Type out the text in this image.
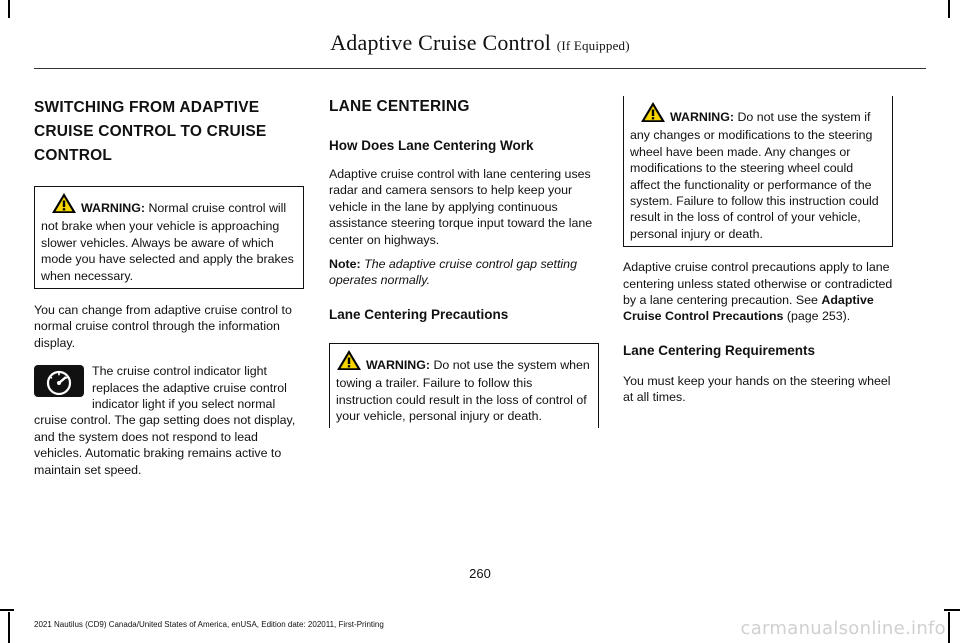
Adaptive Cruise Control (If Equipped)
SWITCHING FROM ADAPTIVE CRUISE CONTROL TO CRUISE CONTROL

WARNING: Normal cruise control will not brake when your vehicle is approaching slower vehicles. Always be aware of which mode you have selected and apply the brakes when necessary.

You can change from adaptive cruise control to normal cruise control through the information display.

The cruise control indicator light replaces the adaptive cruise control indicator light if you select normal cruise control. The gap setting does not display, and the system does not respond to lead vehicles. Automatic braking remains active to maintain set speed.

LANE CENTERING
How Does Lane Centering Work

Adaptive cruise control with lane centering uses radar and camera sensors to help keep your vehicle in the lane by applying continuous assistance steering torque input toward the lane center on highways.

Note: The adaptive cruise control gap setting operates normally.

Lane Centering Precautions

WARNING: Do not use the system when towing a trailer. Failure to follow this instruction could result in the loss of control of your vehicle, personal injury or death.

WARNING: Do not use the system if any changes or modifications to the steering wheel have been made. Any changes or modifications to the steering wheel could affect the functionality or performance of the system. Failure to follow this instruction could result in the loss of control of your vehicle, personal injury or death.

Adaptive cruise control precautions apply to lane centering unless stated otherwise or contradicted by a lane centering precaution. See Adaptive Cruise Control Precautions (page 253).

Lane Centering Requirements

You must keep your hands on the steering wheel at all times.

260
2021 Nautilus (CD9) Canada/United States of America, enUSA, Edition date: 202011, First-Printing	carmanualsonline.info
